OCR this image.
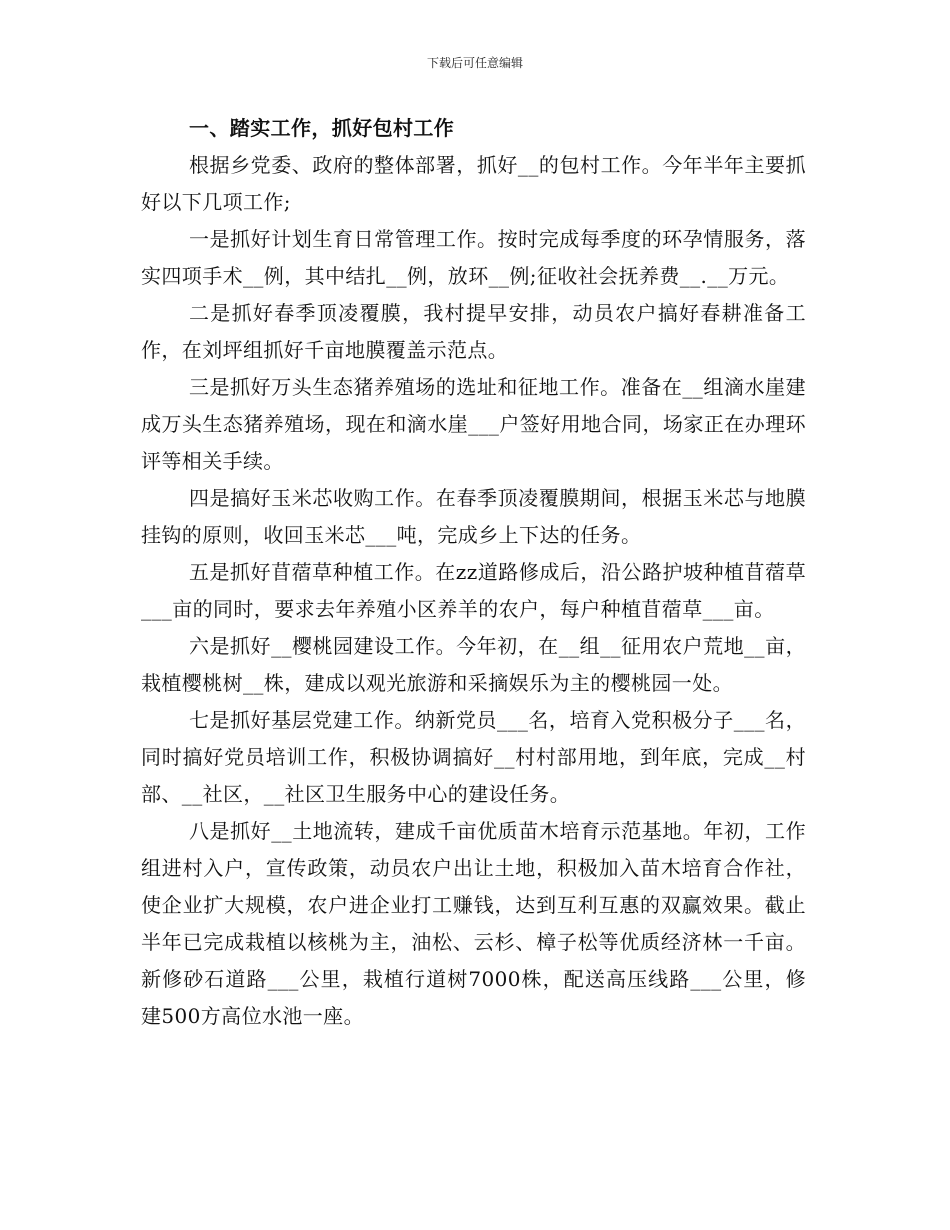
下载后可任意编辑

一、踏实工作，抓好包村工作

根据乡党委、政府的整体部署，抓好__的包村工作。今年半年主要抓好以下几项工作;

一是抓好计划生育日常管理工作。按时完成每季度的环孕情服务，落实四项手术__例，其中结扎__例，放环__例;征收社会抚养费__.__万元。

二是抓好春季顶凌覆膜，我村提早安排，动员农户搞好春耕准备工作，在刘坪组抓好千亩地膜覆盖示范点。

三是抓好万头生态猪养殖场的选址和征地工作。准备在__组滴水崖建成万头生态猪养殖场，现在和滴水崖___户签好用地合同，场家正在办理环评等相关手续。

四是搞好玉米芯收购工作。在春季顶凌覆膜期间，根据玉米芯与地膜挂钩的原则，收回玉米芯___吨，完成乡上下达的任务。

五是抓好苜蓿草种植工作。在zz道路修成后，沿公路护坡种植苜蓿草___亩的同时，要求去年养殖小区养羊的农户，每户种植苜蓿草___亩。

六是抓好__樱桃园建设工作。今年初，在__组__征用农户荒地__亩，栽植樱桃树__株，建成以观光旅游和采摘娱乐为主的樱桃园一处。

七是抓好基层党建工作。纳新党员___名，培育入党积极分子___名，同时搞好党员培训工作，积极协调搞好__村村部用地，到年底，完成__村部、__社区，__社区卫生服务中心的建设任务。

八是抓好__土地流转，建成千亩优质苗木培育示范基地。年初，工作组进村入户，宣传政策，动员农户出让土地，积极加入苗木培育合作社，使企业扩大规模，农户进企业打工赚钱，达到互利互惠的双赢效果。截止半年已完成栽植以核桃为主，油松、云杉、樟子松等优质经济林一千亩。新修砂石道路___公里，栽植行道树7000株，配送高压线路___公里，修建500方高位水池一座。
